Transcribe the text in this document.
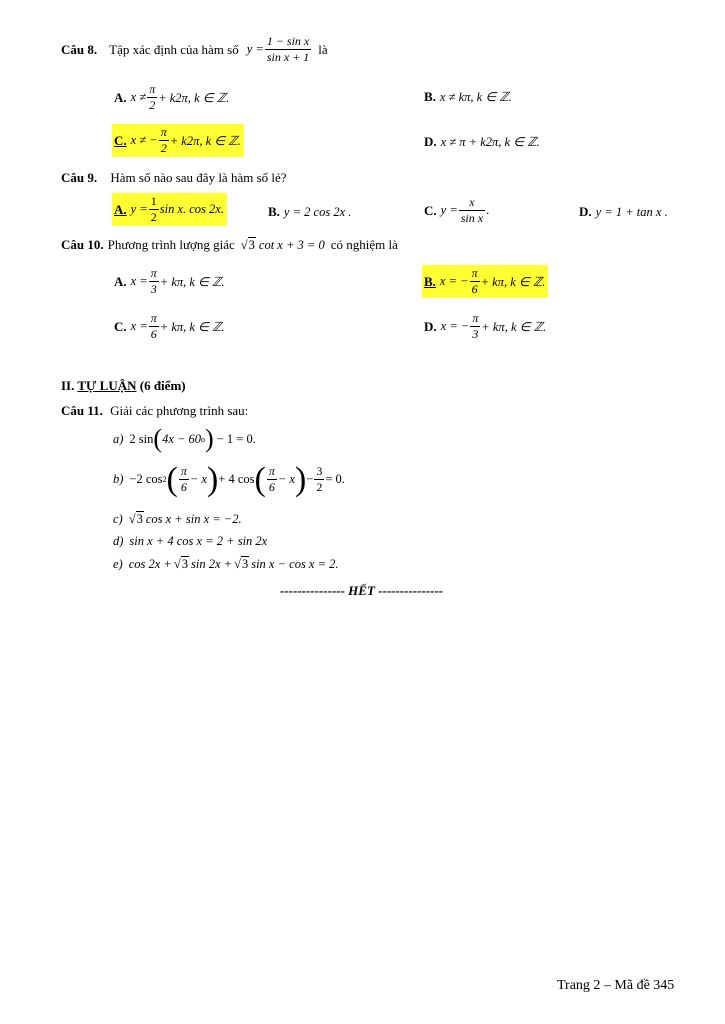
Câu 8. Tập xác định của hàm số $y = \frac{\text{1 − sin x}}{\text{sin x + 1}}$ là
A. $x \ne \frac{\pi}{2} + k2\pi$, k ∈ ℤ.	B. x ≠ kπ, k ∈ ℤ.
C. x ≠ − $\frac{\pi}{2} + k2\pi$, k ∈ ℤ.	D. x ≠ π + k2π, k ∈ ℤ.
Câu 9. Hàm số nào sau đây là hàm số lẻ?
A. $y = \frac{1}{2}$ sin x. cos 2x.	B. y = 2 cos 2x .	C. $y = \frac{x}{\text{sin x}}$ .	D. y = 1 + tan x .
Câu 10. Phương trình lượng giác √3 cot x + 3 = 0 có nghiệm là
A. $x = \frac{\pi}{3} + k\pi$, k ∈ ℤ.	B. x = − $\frac{\pi}{6} + k\pi$, k ∈ ℤ.
C. $x = \frac{\pi}{6} + k\pi$, k ∈ ℤ.	D. x = − $\frac{\pi}{3} + k\pi$, k ∈ ℤ.
II. TỰ LUẬN (6 điểm)
Câu 11. Giải các phương trình sau:
a) 2 sin ( 4x − 60 o ) − 1 = 0.
b) −2 cos 2 ( $\frac{\pi}{6} - x$ ) + 4 cos ( $\frac{\pi}{6} - x$ ) − $\frac{3}{2} = 0$.
c) √3 cos x + sin x = −2.
d) sin x + 4 cos x = 2 + sin 2x
e) cos 2x + √3 sin 2x + √3 sin x − cos x = 2.
--------------- HẾT ---------------
Trang 2 – Mã đề 345
